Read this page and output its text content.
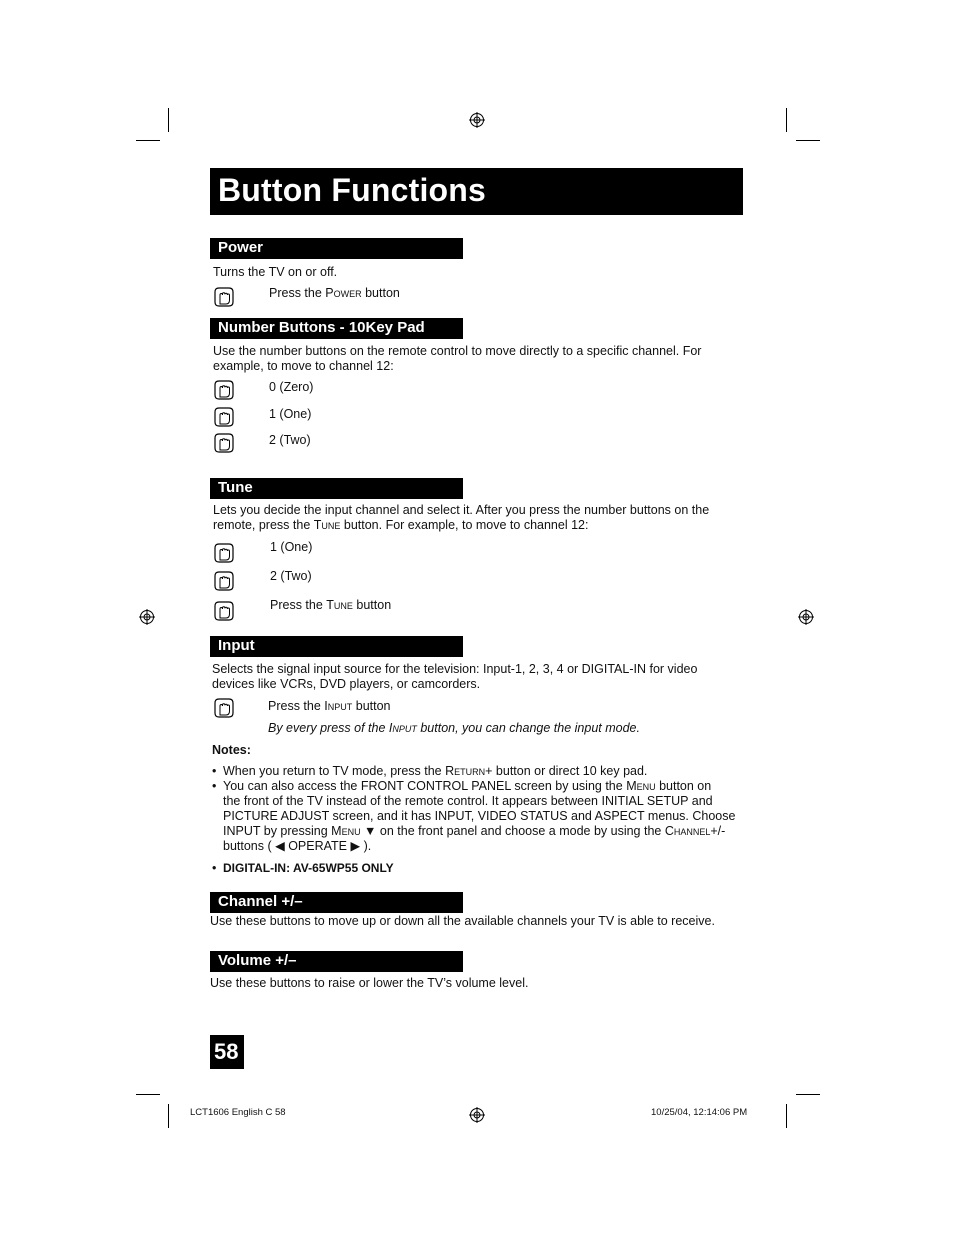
Button Functions
Power
Turns the TV on or off.
Press the Power button
Number Buttons - 10Key Pad
Use the number buttons on the remote control to move directly to a specific channel. For
example, to move to channel 12:
0 (Zero)
1 (One)
2 (Two)
Tune
Lets you decide the input channel and select it. After you press the number buttons on the
remote, press the Tune button. For example, to move to channel 12:
1 (One)
2 (Two)
Press the Tune button
Input
Selects the signal input source for the television: Input-1, 2, 3, 4 or DIGITAL-IN for video
devices like VCRs, DVD players, or camcorders.
Press the Input button
By every press of the Input button, you can change the input mode.
Notes:
• When you return to TV mode, press the Return+ button or direct 10 key pad.
• You can also access the FRONT CONTROL PANEL screen by using the Menu button on
the front of the TV instead of the remote control. It appears between INITIAL SETUP and
PICTURE ADJUST screen, and it has INPUT, VIDEO STATUS and ASPECT menus. Choose
INPUT by pressing Menu ▼ on the front panel and choose a mode by using the Channel+/-
buttons ( ◀ OPERATE ▶ ).
• DIGITAL-IN: AV-65WP55 ONLY
Channel +/–
Use these buttons to move up or down all the available channels your TV is able to receive.
Volume +/–
Use these buttons to raise or lower the TV’s volume level.
58
LCT1606 English C 58	10/25/04, 12:14:06 PM
